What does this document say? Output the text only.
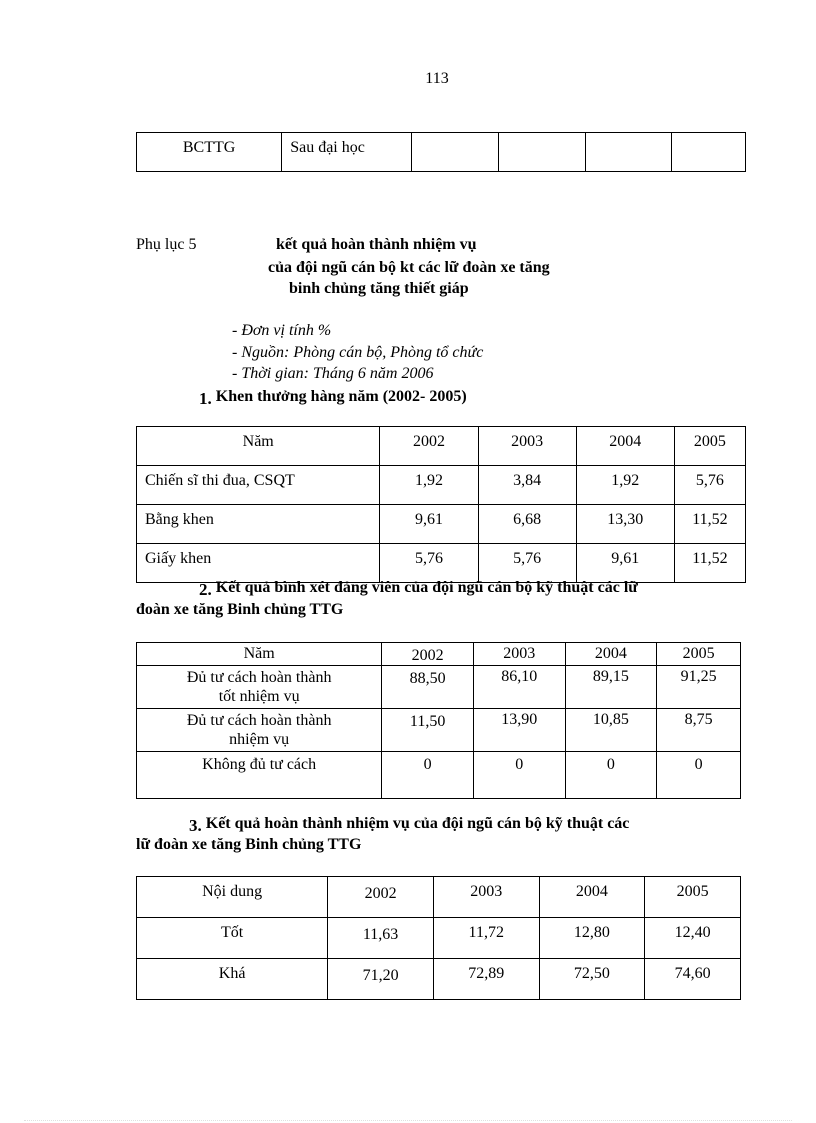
113
BCTTG	Sau đại học				
Phụ lục 5	kết quả hoàn thành nhiệm vụ
của đội ngũ cán bộ kt các lữ đoàn xe tăng
binh chủng tăng thiết giáp
- Đơn vị tính %
- Nguồn: Phòng cán bộ, Phòng tổ chức
- Thời gian: Tháng 6 năm 2006
1. Khen thưởng hàng năm (2002- 2005)
Năm	2002	2003	2004	2005
Chiến sĩ thi đua, CSQT	1,92	3,84	1,92	5,76
Bằng khen	9,61	6,68	13,30	11,52
Giấy khen	5,76	5,76	9,61	11,52
2. Kết quả bình xét đảng viên của đội ngũ cán bộ kỹ thuật các lữ
đoàn xe tăng Binh chủng TTG
Năm	2002	2003	2004	2005

Đủ tư cách hoàn thành
tốt nhiệm vụ	88,50	86,10	89,15	91,25

Đủ tư cách hoàn thành
nhiệm vụ	11,50	13,90	10,85	8,75

Không đủ tư cách	0	0	0	0
3. Kết quả hoàn thành nhiệm vụ của đội ngũ cán bộ kỹ thuật các
lữ đoàn xe tăng Binh chủng TTG
Nội dung	2002	2003	2004	2005
Tốt	11,63	11,72	12,80	12,40
Khá	71,20	72,89	72,50	74,60
